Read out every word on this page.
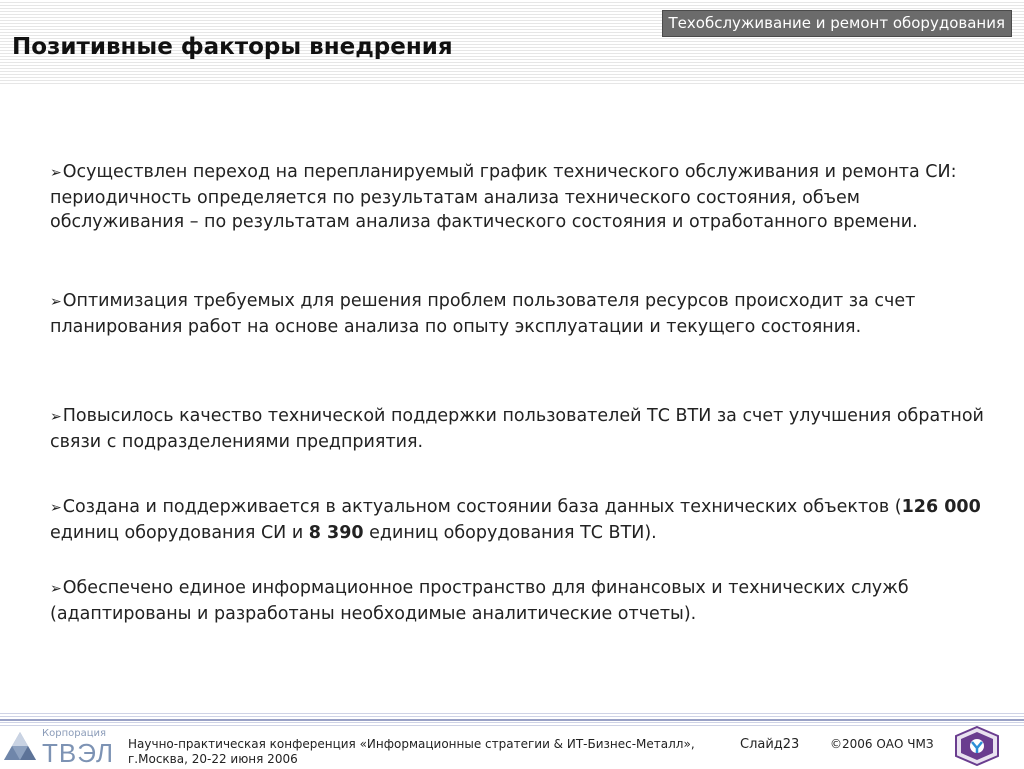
Техобслуживание и ремонт оборудования
Позитивные факторы внедрения
➢Осуществлен переход на перепланируемый график технического обслуживания и ремонта СИ: периодичность определяется по результатам анализа технического состояния, объем обслуживания – по результатам анализа фактического состояния и отработанного времени.
➢Оптимизация требуемых для решения проблем пользователя ресурсов происходит за счет планирования работ на основе анализа по опыту эксплуатации и текущего состояния.
➢Повысилось качество технической поддержки пользователей ТС ВТИ за счет улучшения обратной связи с подразделениями предприятия.
➢Создана и поддерживается в актуальном состоянии база данных технических объектов (126 000 единиц оборудования СИ и 8 390 единиц оборудования ТС ВТИ).
➢Обеспечено единое информационное пространство для финансовых и технических служб (адаптированы и разработаны необходимые аналитические отчеты).
Корпорация
ТВЭЛ Научно-практическая конференция «Информационные стратегии & ИТ-Бизнес-Металл»,
г.Москва, 20-22 июня 2006
Слайд23	©2006 ОАО ЧМЗ
